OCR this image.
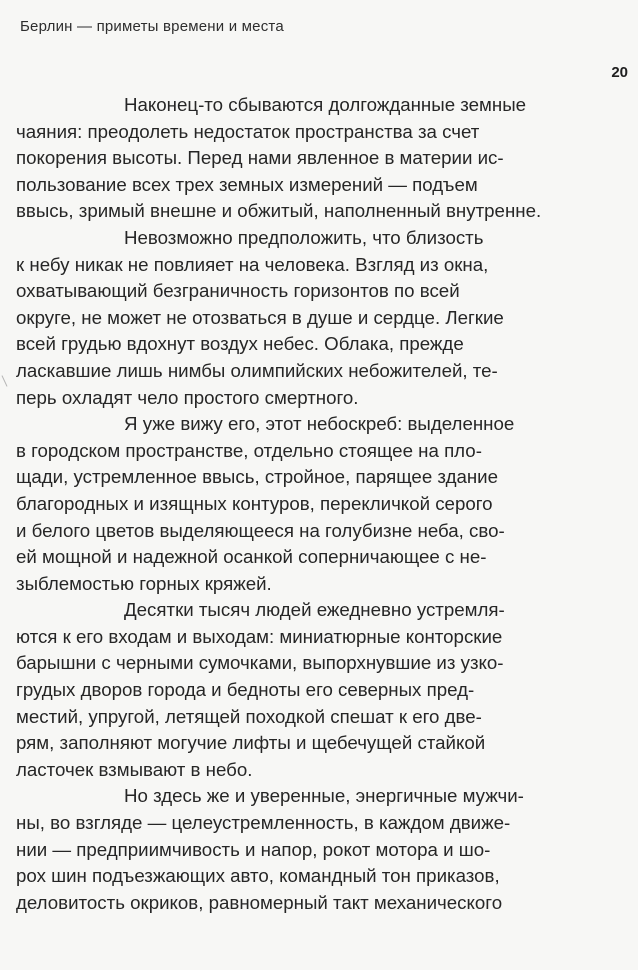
Берлин — приметы времени и места
20
Наконец-то сбываются долгожданные земные
чаяния: преодолеть недостаток пространства за счет
покорения высоты. Перед нами явленное в материи ис-
пользование всех трех земных измерений — подъем
ввысь, зримый внешне и обжитый, наполненный внутренне.
Невозможно предположить, что близость
к небу никак не повлияет на человека. Взгляд из окна,
охватывающий безграничность горизонтов по всей
округе, не может не отозваться в душе и сердце. Легкие
всей грудью вдохнут воздух небес. Облака, прежде
ласкавшие лишь нимбы олимпийских небожителей, те-
перь охладят чело простого смертного.
Я уже вижу его, этот небоскреб: выделенное
в городском пространстве, отдельно стоящее на пло-
щади, устремленное ввысь, стройное, парящее здание
благородных и изящных контуров, перекличкой серого
и белого цветов выделяющееся на голубизне неба, сво-
ей мощной и надежной осанкой соперничающее с не-
зыблемостью горных кряжей.
Десятки тысяч людей ежедневно устремля-
ются к его входам и выходам: миниатюрные конторские
барышни с черными сумочками, выпорхнувшие из узко-
грудых дворов города и бедноты его северных пред-
местий, упругой, летящей походкой спешат к его две-
рям, заполняют могучие лифты и щебечущей стайкой
ласточек взмывают в небо.
Но здесь же и уверенные, энергичные мужчи-
ны, во взгляде — целеустремленность, в каждом движе-
нии — предприимчивость и напор, рокот мотора и шо-
рох шин подъезжающих авто, командный тон приказов,
деловитость окриков, равномерный такт механического
